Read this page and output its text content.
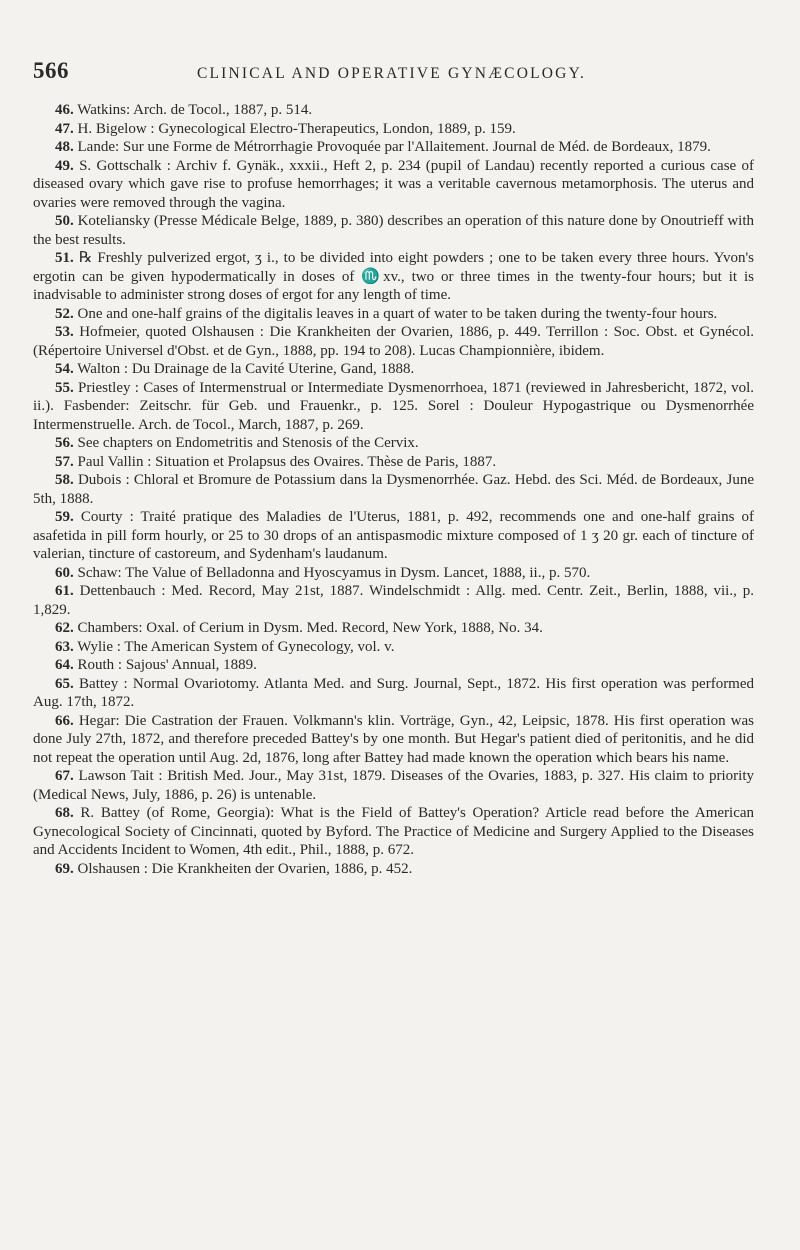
566	CLINICAL AND OPERATIVE GYNÆCOLOGY.

46. Watkins: Arch. de Tocol., 1887, p. 514.

47. H. Bigelow : Gynecological Electro-Therapeutics, London, 1889, p. 159.

48. Lande: Sur une Forme de Métrorrhagie Provoquée par l'Allaitement. Journal de Méd. de Bordeaux, 1879.

49. S. Gottschalk : Archiv f. Gynäk., xxxii., Heft 2, p. 234 (pupil of Landau) recently reported a curious case of diseased ovary which gave rise to profuse hemorrhages; it was a veritable cavernous metamorphosis. The uterus and ovaries were removed through the vagina.

50. Koteliansky (Presse Médicale Belge, 1889, p. 380) describes an operation of this nature done by Onoutrieff with the best results.

51. ℞ Freshly pulverized ergot, ʒ i., to be divided into eight powders ; one to be taken every three hours. Yvon's ergotin can be given hypodermatically in doses of ♏xv., two or three times in the twenty-four hours; but it is inadvisable to administer strong doses of ergot for any length of time.

52. One and one-half grains of the digitalis leaves in a quart of water to be taken during the twenty-four hours.

53. Hofmeier, quoted Olshausen : Die Krankheiten der Ovarien, 1886, p. 449. Terrillon : Soc. Obst. et Gynécol. (Répertoire Universel d'Obst. et de Gyn., 1888, pp. 194 to 208). Lucas Championnière, ibidem.

54. Walton : Du Drainage de la Cavité Uterine, Gand, 1888.

55. Priestley : Cases of Intermenstrual or Intermediate Dysmenorrhoea, 1871 (reviewed in Jahresbericht, 1872, vol. ii.). Fasbender: Zeitschr. für Geb. und Frauenkr., p. 125. Sorel : Douleur Hypogastrique ou Dysmenorrhée Intermenstruelle. Arch. de Tocol., March, 1887, p. 269.

56. See chapters on Endometritis and Stenosis of the Cervix.

57. Paul Vallin : Situation et Prolapsus des Ovaires. Thèse de Paris, 1887.

58. Dubois : Chloral et Bromure de Potassium dans la Dysmenorrhée. Gaz. Hebd. des Sci. Méd. de Bordeaux, June 5th, 1888.

59. Courty : Traité pratique des Maladies de l'Uterus, 1881, p. 492, recommends one and one-half grains of asafetida in pill form hourly, or 25 to 30 drops of an antispasmodic mixture composed of 1 ʒ 20 gr. each of tincture of valerian, tincture of castoreum, and Sydenham's laudanum.

60. Schaw: The Value of Belladonna and Hyoscyamus in Dysm. Lancet, 1888, ii., p. 570.

61. Dettenbauch : Med. Record, May 21st, 1887. Windelschmidt : Allg. med. Centr. Zeit., Berlin, 1888, vii., p. 1,829.

62. Chambers: Oxal. of Cerium in Dysm. Med. Record, New York, 1888, No. 34.

63. Wylie : The American System of Gynecology, vol. v.

64. Routh : Sajous' Annual, 1889.

65. Battey : Normal Ovariotomy. Atlanta Med. and Surg. Journal, Sept., 1872. His first operation was performed Aug. 17th, 1872.

66. Hegar: Die Castration der Frauen. Volkmann's klin. Vorträge, Gyn., 42, Leipsic, 1878. His first operation was done July 27th, 1872, and therefore preceded Battey's by one month. But Hegar's patient died of peritonitis, and he did not repeat the operation until Aug. 2d, 1876, long after Battey had made known the operation which bears his name.

67. Lawson Tait : British Med. Jour., May 31st, 1879. Diseases of the Ovaries, 1883, p. 327. His claim to priority (Medical News, July, 1886, p. 26) is untenable.

68. R. Battey (of Rome, Georgia): What is the Field of Battey's Operation? Article read before the American Gynecological Society of Cincinnati, quoted by Byford. The Practice of Medicine and Surgery Applied to the Diseases and Accidents Incident to Women, 4th edit., Phil., 1888, p. 672.

69. Olshausen : Die Krankheiten der Ovarien, 1886, p. 452.
